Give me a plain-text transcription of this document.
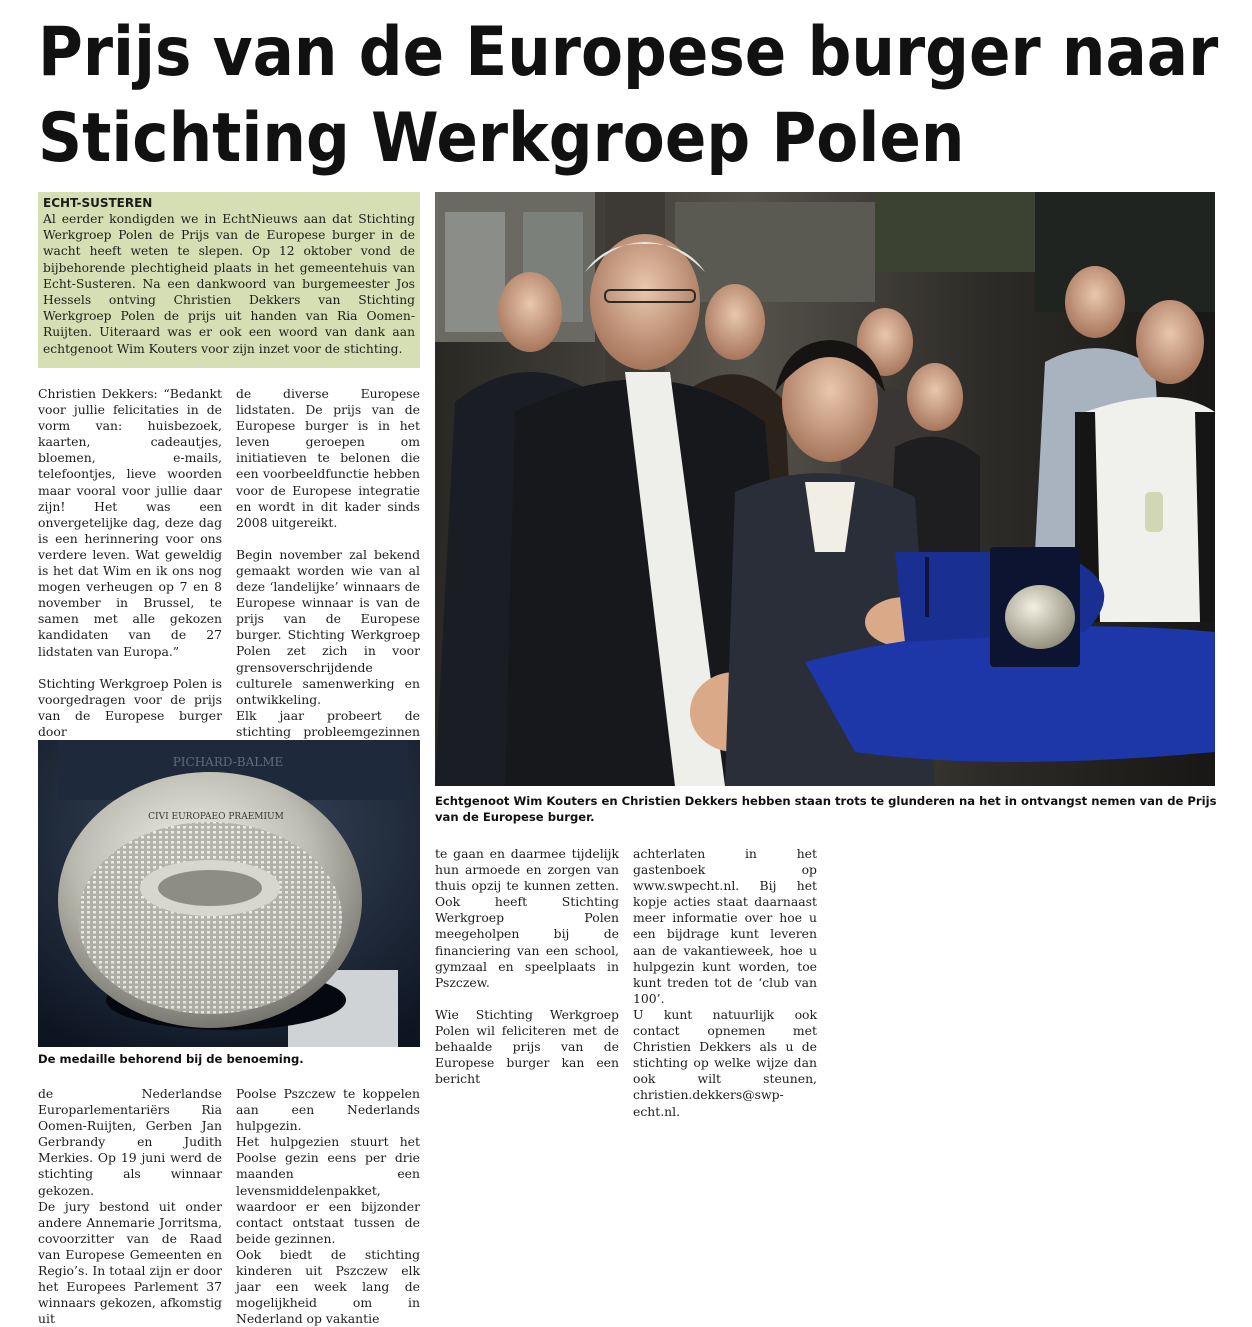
Prijs van de Europese burger naar
Stichting Werkgroep Polen
ECHT-SUSTEREN
Al eerder kondigden we in EchtNieuws aan dat Stichting Werkgroep Polen de Prijs van de Europese burger in de wacht heeft weten te slepen. Op 12 oktober vond de bijbehorende plechtigheid plaats in het gemeentehuis van Echt-Susteren. Na een dankwoord van burgemeester Jos Hessels ontving Christien Dekkers van Stichting Werkgroep Polen de prijs uit handen van Ria Oomen-Ruijten. Uiteraard was er ook een woord van dank aan echtgenoot Wim Kouters voor zijn inzet voor de stichting.

Christien Dekkers: “Bedankt voor jullie felicitaties in de vorm van: huisbezoek, kaarten, cadeautjes, bloemen, e-mails, telefoontjes, lieve woorden maar vooral voor jullie daar zijn! Het was een onvergetelijke dag, deze dag is een herinnering voor ons verdere leven. Wat geweldig is het dat Wim en ik ons nog mogen verheugen op 7 en 8 november in Brussel, te samen met alle gekozen kandidaten van de 27 lidstaten van Europa.”

Stichting Werkgroep Polen is voorgedragen voor de prijs van de Europese burger door

de diverse Europese lidstaten. De prijs van de Europese burger is in het leven geroepen om initiatieven te belonen die een voorbeeldfunctie hebben voor de Europese integratie en wordt in dit kader sinds 2008 uitgereikt.

Begin november zal bekend gemaakt worden wie van al deze ‘landelijke’ winnaars de Europese winnaar is van de prijs van de Europese burger. Stichting Werkgroep Polen zet zich in voor grensoverschrijdende culturele samenwerking en ontwikkeling.

Elk jaar probeert de stichting probleemgezinnen

PICHARD-BALME
CIVI EUROPAEO PRAEMIUM
De medaille behorend bij de benoeming.

de Nederlandse Europarlementariërs Ria Oomen-Ruijten, Gerben Jan Gerbrandy en Judith Merkies. Op 19 juni werd de stichting als winnaar gekozen.

De jury bestond uit onder andere Annemarie Jorritsma, covoorzitter van de Raad van Europese Gemeenten en Regio’s. In totaal zijn er door het Europees Parlement 37 winnaars gekozen, afkomstig uit

Poolse Pszczew te koppelen aan een Nederlands hulpgezin.

Het hulpgezien stuurt het Poolse gezin eens per drie maanden een levensmiddelenpakket, waardoor er een bijzonder contact ontstaat tussen de beide gezinnen.

Ook biedt de stichting kinderen uit Pszczew elk jaar een week lang de mogelijkheid om in Nederland op vakantie

Echtgenoot Wim Kouters en Christien Dekkers hebben staan trots te glunderen na het in ontvangst nemen van de Prijs van de Europese burger.

te gaan en daarmee tijdelijk hun armoede en zorgen van thuis opzij te kunnen zetten. Ook heeft Stichting Werkgroep Polen meegeholpen bij de financiering van een school, gymzaal en speelplaats in Pszczew.

Wie Stichting Werkgroep Polen wil feliciteren met de behaalde prijs van de Europese burger kan een bericht

achterlaten in het gastenboek op www.swpecht.nl. Bij het kopje acties staat daarnaast meer informatie over hoe u een bijdrage kunt leveren aan de vakantieweek, hoe u hulpgezin kunt worden, toe kunt treden tot de ‘club van 100’.

U kunt natuurlijk ook contact opnemen met Christien Dekkers als u de stichting op welke wijze dan ook wilt steunen, christien.dekkers@swp-echt.nl.
